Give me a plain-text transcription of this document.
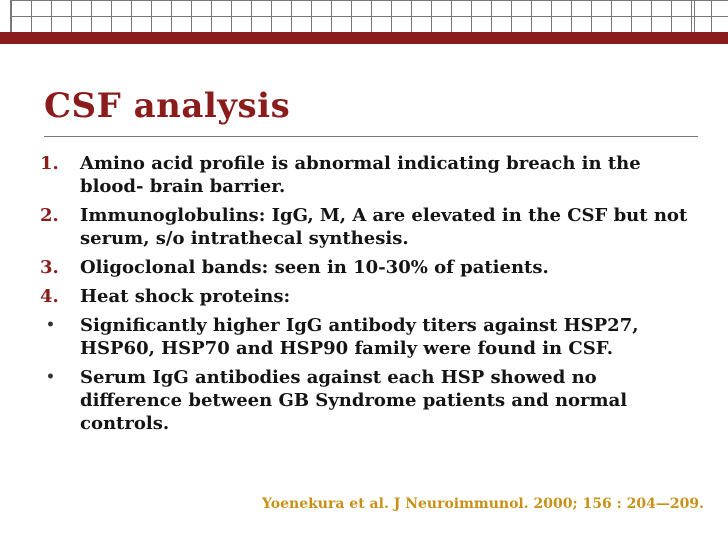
CSF analysis
1.	Amino acid profile is abnormal indicating breach in the blood- brain barrier.
2.	Immunoglobulins: IgG, M, A are elevated in the CSF but not serum, s/o intrathecal synthesis.
3.	Oligoclonal bands: seen in 10-30% of patients.
4.	Heat shock proteins:
•	Significantly higher IgG antibody titers against HSP27, HSP60, HSP70 and HSP90 family were found in CSF.
•	Serum IgG antibodies against each HSP showed no difference between GB Syndrome patients and normal controls.
Yoenekura et al. J Neuroimmunol. 2000; 156 : 204—209.
